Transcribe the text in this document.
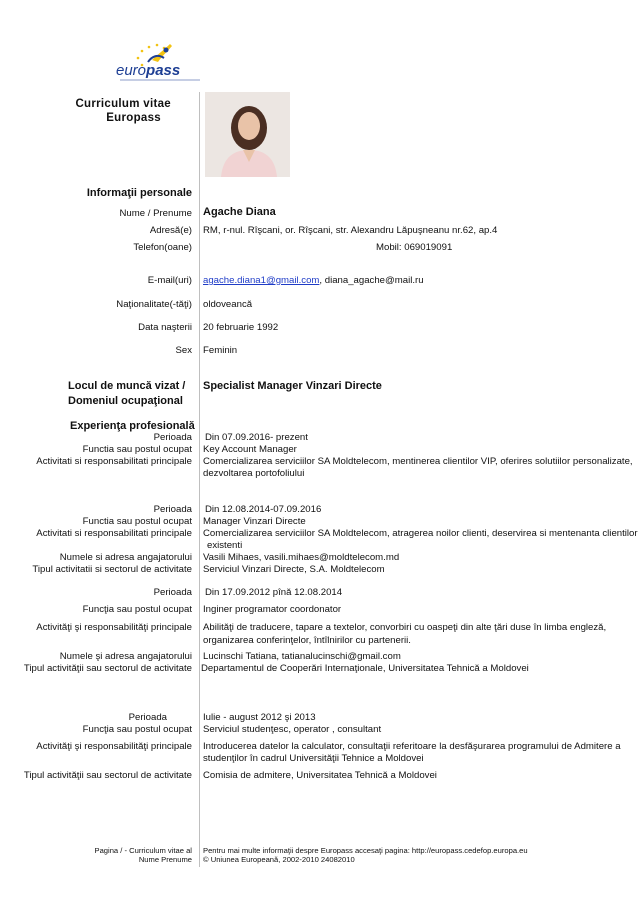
europass
Curriculum vitae
Europass
Informaţii personale
Nume / Prenume Agache Diana
Adresă(e) RM, r-nul. Rîşcani, or. Rîşcani, str. Alexandru Lăpuşneanu nr.62, ap.4
Telefon(oane)	Mobil: 069019091
E-mail(uri) agache.diana1@gmail.com, diana_agache@mail.ru
Naţionalitate(-tăţi) oldoveancă
Data naşterii 20 februarie 1992
Sex Feminin
Locul de muncă vizat /
Domeniul ocupaţional
Specialist Manager Vinzari Directe
Experienţa profesională
Perioada Din 07.09.2016- prezent
Functia sau postul ocupat Key Account Manager
Activitati si responsabilitati principale Comercializarea serviciilor SA Moldtelecom, mentinerea clientilor VIP, oferires solutiilor personalizate,
dezvoltarea portofoliului
Perioada Din 12.08.2014-07.09.2016
Functia sau postul ocupat Manager Vinzari Directe
Activitati si responsabilitati principale Comercializarea serviciilor SA Moldtelecom, atragerea noilor clienti, deservirea si mentenanta clientilor
existenti
Numele si adresa angajatorului Vasili Mihaes, vasili.mihaes@moldtelecom.md
Tipul activitatii si sectorul de activitate Serviciul Vinzari Directe, S.A. Moldtelecom
Perioada Din 17.09.2012 pînă 12.08.2014
Funcţia sau postul ocupat Inginer programator coordonator
Activităţi şi responsabilităţi principale Abilităţi de traducere, tapare a textelor, convorbiri cu oaspeţi din alte ţări duse în limba engleză,
organizarea conferinţelor, întîlnirilor cu partenerii.
Numele şi adresa angajatorului Lucinschi Tatiana, tatianalucinschi@gmail.com
Tipul activităţii sau sectorul de activitate Departamentul de Cooperări Internaţionale, Universitatea Tehnică a Moldovei
Perioada	Iulie - august 2012 şi 2013
Funcţia sau postul ocupat Serviciul studenţesc, operator , consultant
Activităţi şi responsabilităţi principale Introducerea datelor la calculator, consultaţii referitoare la desfăşurarea programului de Admitere a
studenţilor în cadrul Universităţii Tehnice a Moldovei
Tipul activităţii sau sectorul de activitate Comisia de admitere, Universitatea Tehnică a Moldovei
Pagina / - Curriculum vitae al
Nume Prenume
Pentru mai multe informaţii despre Europass accesaţi pagina: http://europass.cedefop.europa.eu
© Uniunea Europeană, 2002-2010 24082010
